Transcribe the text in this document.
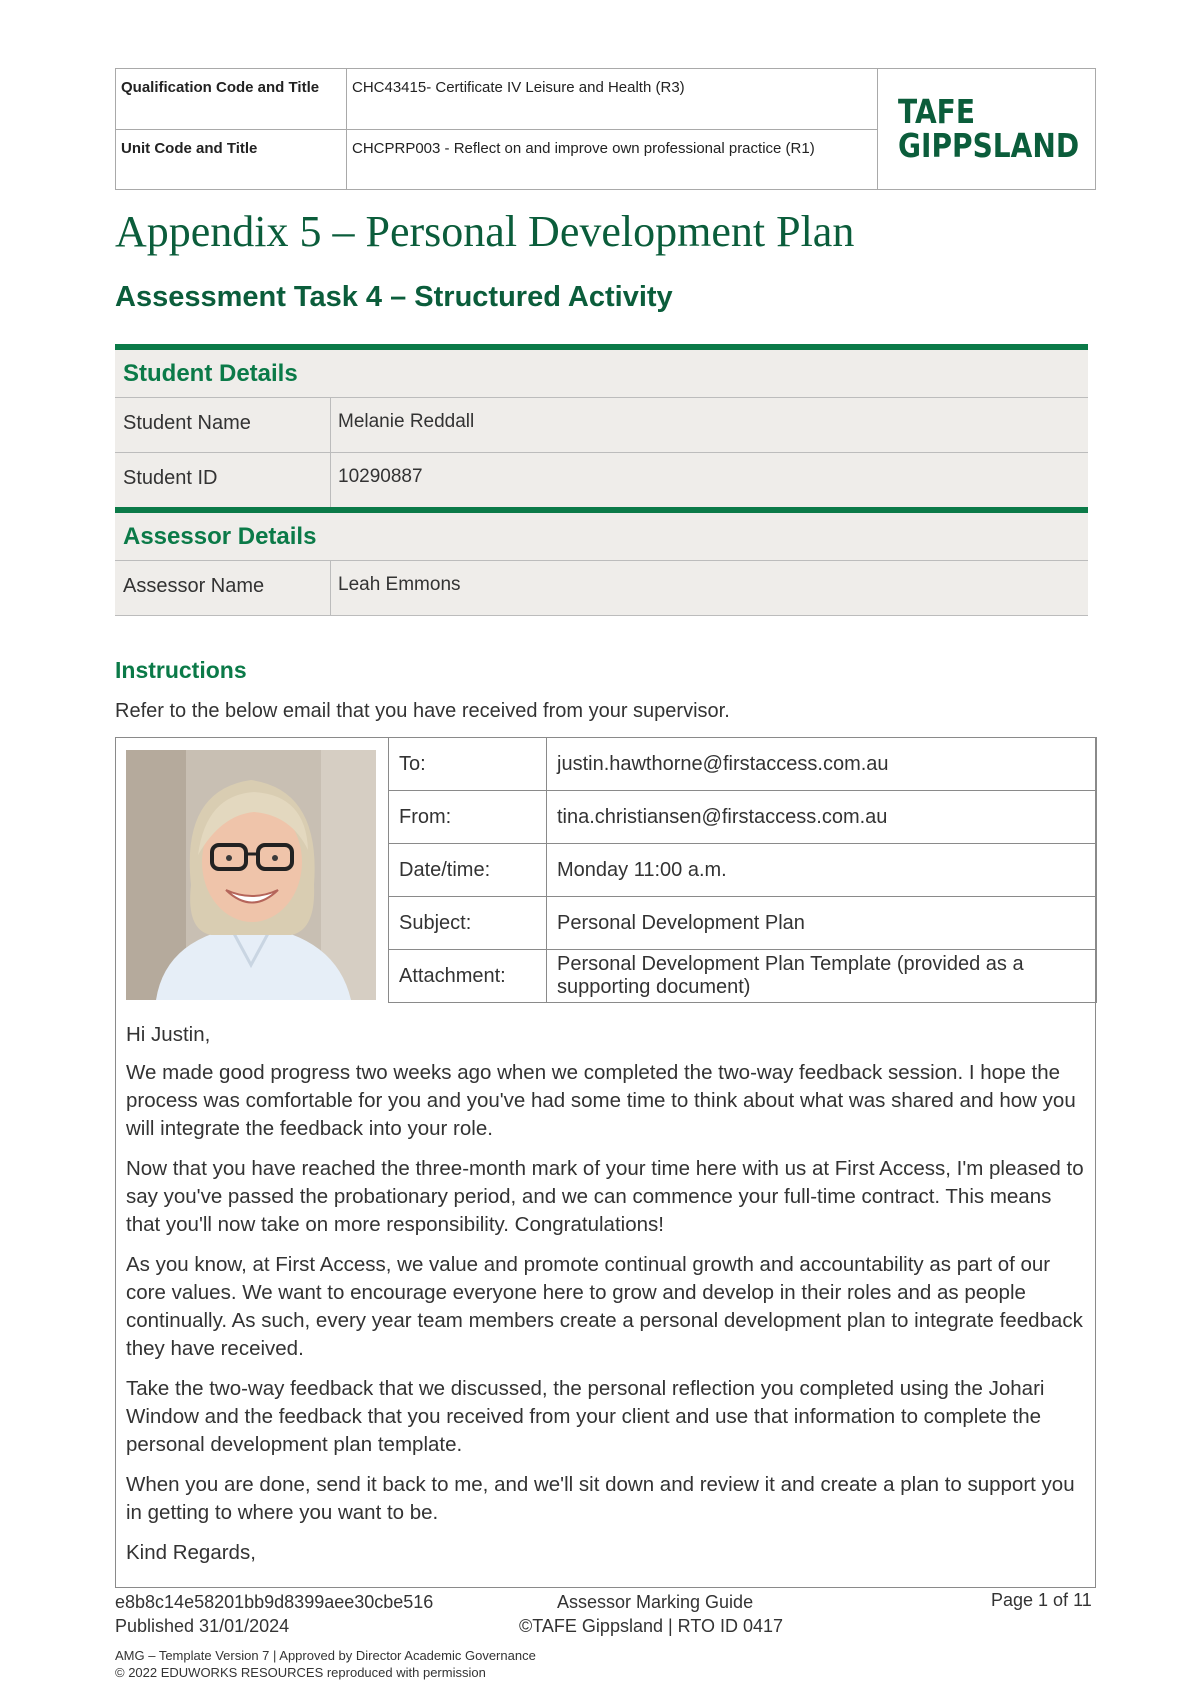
Qualification Code and Title	CHC43415- Certificate IV Leisure and Health (R3)	TAFE
GIPPSLAND

Unit Code and Title	CHCPRP003 - Reflect on and improve own professional practice (R1)	
Appendix 5 – Personal Development Plan
Assessment Task 4 – Structured Activity
Student Details
Student Name	Melanie Reddall
Student ID	10290887
Assessor Details
Assessor Name	Leah Emmons
Instructions
Refer to the below email that you have received from your supervisor.
To:	justin.hawthorne@firstaccess.com.au
From:	tina.christiansen@firstaccess.com.au
Date/time:	Monday 11:00 a.m.
Subject:	Personal Development Plan
Attachment:	Personal Development Plan Template (provided as a supporting document)

Hi Justin,

We made good progress two weeks ago when we completed the two-way feedback session. I hope the process was comfortable for you and you've had some time to think about what was shared and how you will integrate the feedback into your role.

Now that you have reached the three-month mark of your time here with us at First Access, I'm pleased to say you've passed the probationary period, and we can commence your full-time contract. This means that you'll now take on more responsibility. Congratulations!

As you know, at First Access, we value and promote continual growth and accountability as part of our core values. We want to encourage everyone here to grow and develop in their roles and as people continually. As such, every year team members create a personal development plan to integrate feedback they have received.

Take the two-way feedback that we discussed, the personal reflection you completed using the Johari Window and the feedback that you received from your client and use that information to complete the personal development plan template.

When you are done, send it back to me, and we'll sit down and review it and create a plan to support you in getting to where you want to be.

Kind Regards,

e8b8c14e58201bb9d8399aee30cbe516
Published 31/01/2024
Assessor Marking Guide
©TAFE Gippsland | RTO ID 0417
Page 1 of 11
AMG – Template Version 7 | Approved by Director Academic Governance
© 2022 EDUWORKS RESOURCES reproduced with permission
